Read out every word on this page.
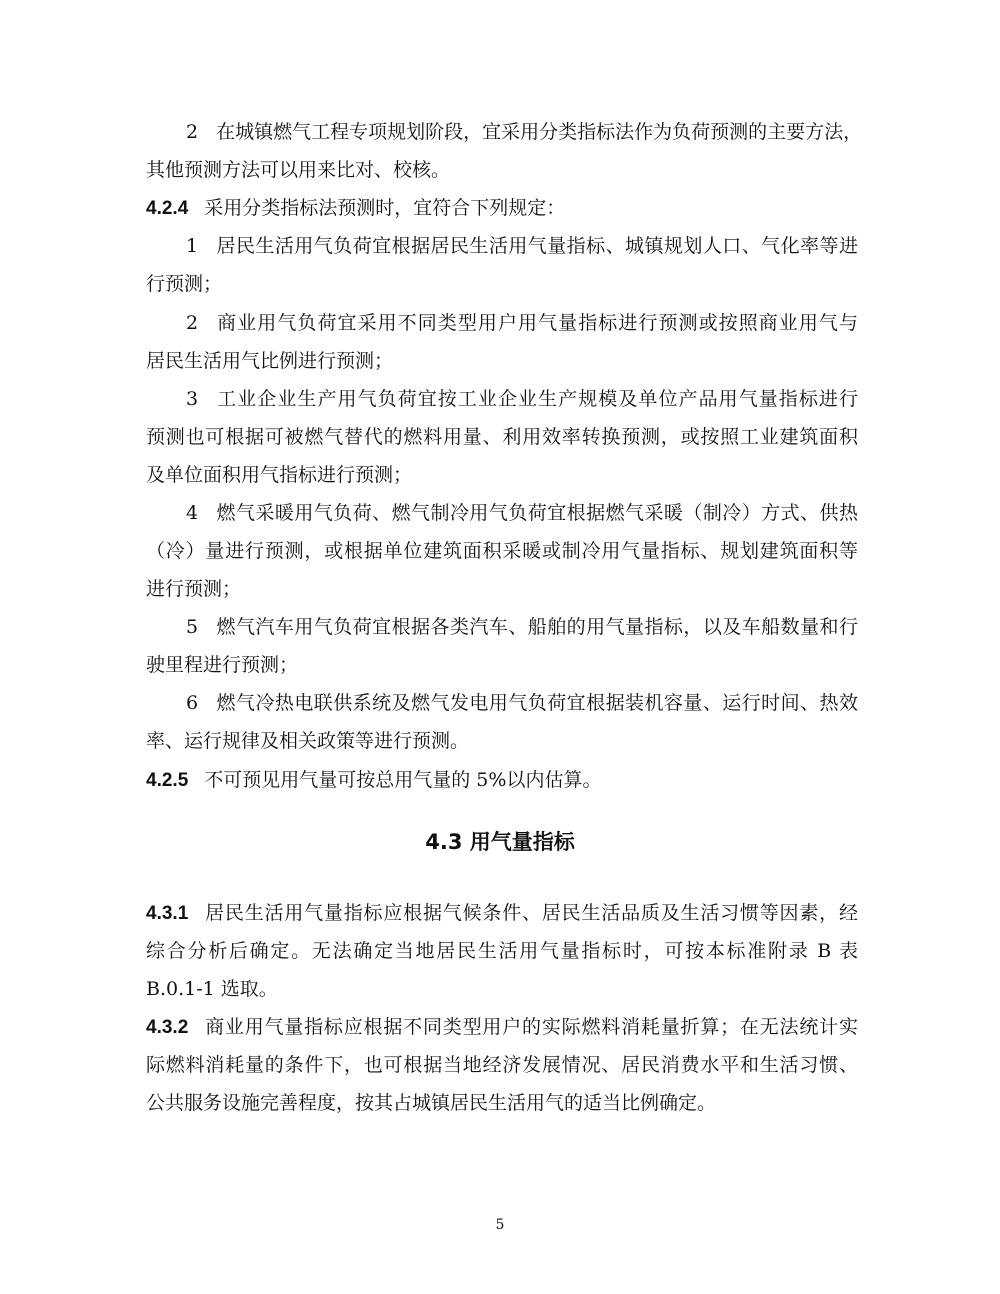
2 在城镇燃气工程专项规划阶段，宜采用分类指标法作为负荷预测的主要方法，
其他预测方法可以用来比对、校核。
4.2.4 采用分类指标法预测时，宜符合下列规定：
1 居民生活用气负荷宜根据居民生活用气量指标、城镇规划人口、气化率等进
行预测；
2 商业用气负荷宜采用不同类型用户用气量指标进行预测或按照商业用气与
居民生活用气比例进行预测；
3 工业企业生产用气负荷宜按工业企业生产规模及单位产品用气量指标进行
预测也可根据可被燃气替代的燃料用量、利用效率转换预测，或按照工业建筑面积
及单位面积用气指标进行预测；
4 燃气采暖用气负荷、燃气制冷用气负荷宜根据燃气采暖（制冷）方式、供热
（冷）量进行预测，或根据单位建筑面积采暖或制冷用气量指标、规划建筑面积等
进行预测；
5 燃气汽车用气负荷宜根据各类汽车、船舶的用气量指标，以及车船数量和行
驶里程进行预测；
6 燃气冷热电联供系统及燃气发电用气负荷宜根据装机容量、运行时间、热效
率、运行规律及相关政策等进行预测。
4.2.5 不可预见用气量可按总用气量的 5%以内估算。
4.3 用气量指标
4.3.1 居民生活用气量指标应根据气候条件、居民生活品质及生活习惯等因素，经
综合分析后确定。无法确定当地居民生活用气量指标时，可按本标准附录 B 表
B.0.1-1 选取。
4.3.2 商业用气量指标应根据不同类型用户的实际燃料消耗量折算；在无法统计实
际燃料消耗量的条件下，也可根据当地经济发展情况、居民消费水平和生活习惯、
公共服务设施完善程度，按其占城镇居民生活用气的适当比例确定。
5
